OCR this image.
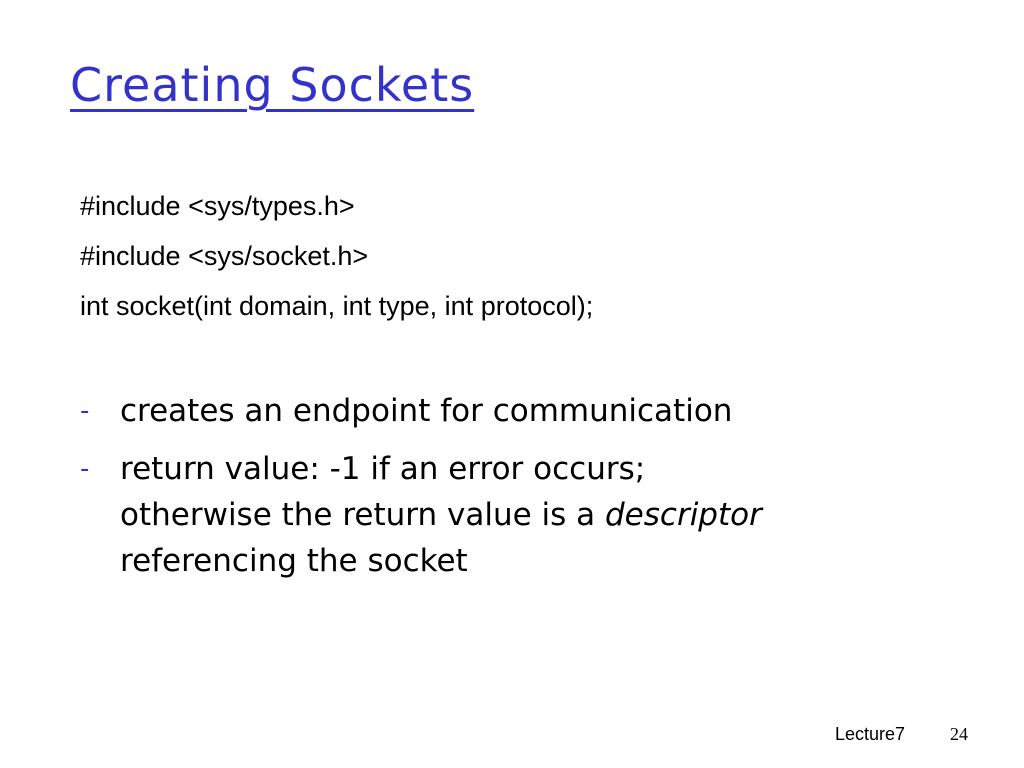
Creating Sockets
#include <sys/types.h>
#include <sys/socket.h>
int socket(int domain, int type, int protocol);
- creates an endpoint for communication
- return value: -1 if an error occurs;
otherwise the return value is a descriptor
referencing the socket
Lecture7 24
